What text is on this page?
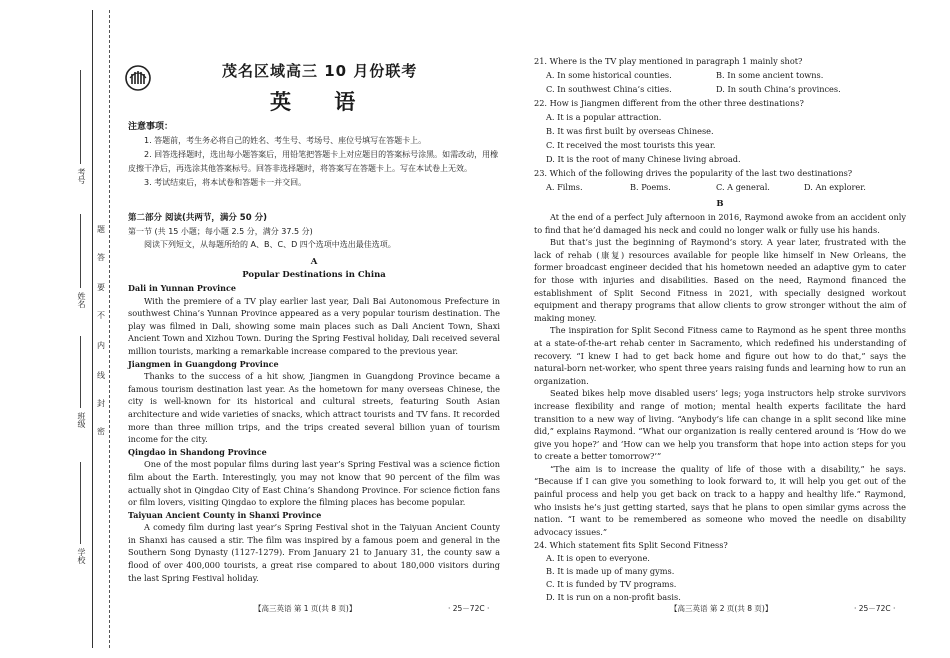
考号
姓名
班级
学校
题
答
要
不
内
线
封
密
茂名区域高三 10 月份联考
英 语
注意事项：
1. 答题前，考生务必将自己的姓名、考生号、考场号、座位号填写在答题卡上。
2. 回答选择题时，选出每小题答案后，用铅笔把答题卡上对应题目的答案标号涂黑。如需改动，用橡皮擦干净后，再选涂其他答案标号。回答非选择题时，将答案写在答题卡上。写在本试卷上无效。
3. 考试结束后，将本试卷和答题卡一并交回。
第二部分 阅读(共两节，满分 50 分)
第一节 (共 15 小题；每小题 2.5 分，满分 37.5 分)
阅读下列短文，从每题所给的 A、B、C、D 四个选项中选出最佳选项。
A
Popular Destinations in China
Dali in Yunnan Province
With the premiere of a TV play earlier last year, Dali Bai Autonomous Prefecture in southwest China’s Yunnan Province appeared as a very popular tourism destination. The play was filmed in Dali, showing some main places such as Dali Ancient Town, Shaxi Ancient Town and Xizhou Town. During the Spring Festival holiday, Dali received several million tourists, marking a remarkable increase compared to the previous year.
Jiangmen in Guangdong Province
Thanks to the success of a hit show, Jiangmen in Guangdong Province became a famous tourism destination last year. As the hometown for many overseas Chinese, the city is well-known for its historical and cultural streets, featuring South Asian architecture and wide varieties of snacks, which attract tourists and TV fans. It recorded more than three million trips, and the trips created several billion yuan of tourism income for the city.
Qingdao in Shandong Province
One of the most popular films during last year’s Spring Festival was a science fiction film about the Earth. Interestingly, you may not know that 90 percent of the film was actually shot in Qingdao City of East China’s Shandong Province. For science fiction fans or film lovers, visiting Qingdao to explore the filming places has become popular.
Taiyuan Ancient County in Shanxi Province
A comedy film during last year’s Spring Festival shot in the Taiyuan Ancient County in Shanxi has caused a stir. The film was inspired by a famous poem and general in the Southern Song Dynasty (1127-1279). From January 21 to January 31, the county saw a flood of over 400,000 tourists, a great rise compared to about 180,000 visitors during the last Spring Festival holiday.
【高三英语 第 1 页(共 8 页)】	· 25－72C ·
21. Where is the TV play mentioned in paragraph 1 mainly shot?
A. In some historical counties.	B. In some ancient towns.
C. In southwest China’s cities.	D. In south China’s provinces.
22. How is Jiangmen different from the other three destinations?
A. It is a popular attraction.
B. It was first built by overseas Chinese.
C. It received the most tourists this year.
D. It is the root of many Chinese living abroad.
23. Which of the following drives the popularity of the last two destinations?
A. Films.	B. Poems.	C. A general.	D. An explorer.
B
At the end of a perfect July afternoon in 2016, Raymond awoke from an accident only to find that he’d damaged his neck and could no longer walk or fully use his hands.
But that’s just the beginning of Raymond’s story. A year later, frustrated with the lack of rehab (康复) resources available for people like himself in New Orleans, the former broadcast engineer decided that his hometown needed an adaptive gym to cater for those with injuries and disabilities. Based on the need, Raymond financed the establishment of Split Second Fitness in 2021, with specially designed workout equipment and therapy programs that allow clients to grow stronger without the aim of making money.
The inspiration for Split Second Fitness came to Raymond as he spent three months at a state-of-the-art rehab center in Sacramento, which redefined his understanding of recovery. “I knew I had to get back home and figure out how to do that,” says the natural-born net-worker, who spent three years raising funds and learning how to run an organization.
Seated bikes help move disabled users’ legs; yoga instructors help stroke survivors increase flexibility and range of motion; mental health experts facilitate the hard transition to a new way of living. “Anybody’s life can change in a split second like mine did,” explains Raymond. “What our organization is really centered around is ‘How do we give you hope?’ and ‘How can we help you transform that hope into action steps for you to create a better tomorrow?’”
“The aim is to increase the quality of life of those with a disability,” he says. “Because if I can give you something to look forward to, it will help you get out of the painful process and help you get back on track to a happy and healthy life.” Raymond, who insists he’s just getting started, says that he plans to open similar gyms across the nation. “I want to be remembered as someone who moved the needle on disability advocacy issues.”
24. Which statement fits Split Second Fitness?
A. It is open to everyone.
B. It is made up of many gyms.
C. It is funded by TV programs.
D. It is run on a non-profit basis.
【高三英语 第 2 页(共 8 页)】	· 25－72C ·
